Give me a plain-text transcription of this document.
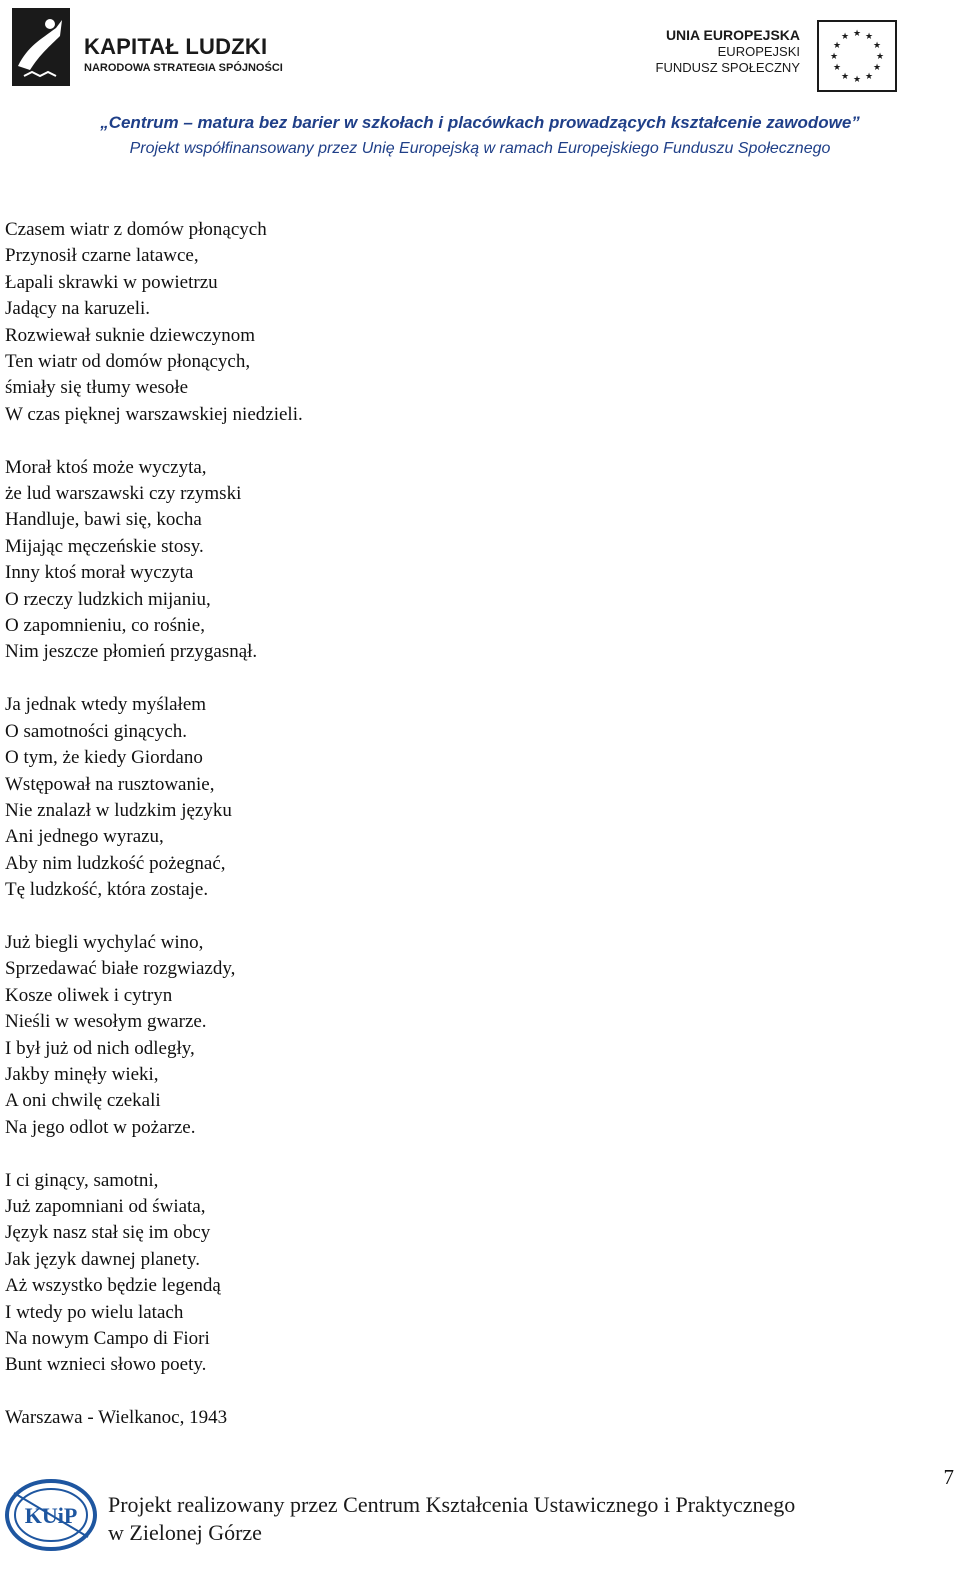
KAPITAŁ LUDZKI
NARODOWA STRATEGIA SPÓJNOŚCI
UNIA EUROPEJSKA
EUROPEJSKI
FUNDUSZ SPOŁECZNY
★ ★
★
★
★
★
★
★
★
★
★
★
„Centrum – matura bez barier w szkołach i placówkach prowadzących kształcenie zawodowe”
Projekt współfinansowany przez Unię Europejską w ramach Europejskiego Funduszu Społecznego
Czasem wiatr z domów płonących
Przynosił czarne latawce,
Łapali skrawki w powietrzu
Jadący na karuzeli.
Rozwiewał suknie dziewczynom
Ten wiatr od domów płonących,
śmiały się tłumy wesołe
W czas pięknej warszawskiej niedzieli.
Morał ktoś może wyczyta,
że lud warszawski czy rzymski
Handluje, bawi się, kocha
Mijając męczeńskie stosy.
Inny ktoś morał wyczyta
O rzeczy ludzkich mijaniu,
O zapomnieniu, co rośnie,
Nim jeszcze płomień przygasnął.
Ja jednak wtedy myślałem
O samotności ginących.
O tym, że kiedy Giordano
Wstępował na rusztowanie,
Nie znalazł w ludzkim języku
Ani jednego wyrazu,
Aby nim ludzkość pożegnać,
Tę ludzkość, która zostaje.
Już biegli wychylać wino,
Sprzedawać białe rozgwiazdy,
Kosze oliwek i cytryn
Nieśli w wesołym gwarze.
I był już od nich odległy,
Jakby minęły wieki,
A oni chwilę czekali
Na jego odlot w pożarze.
I ci ginący, samotni,
Już zapomniani od świata,
Język nasz stał się im obcy
Jak język dawnej planety.
Aż wszystko będzie legendą
I wtedy po wielu latach
Na nowym Campo di Fiori
Bunt wznieci słowo poety.
Warszawa - Wielkanoc, 1943
KUiP Projekt realizowany przez Centrum Kształcenia Ustawicznego i Praktycznego
w Zielonej Górze
7
